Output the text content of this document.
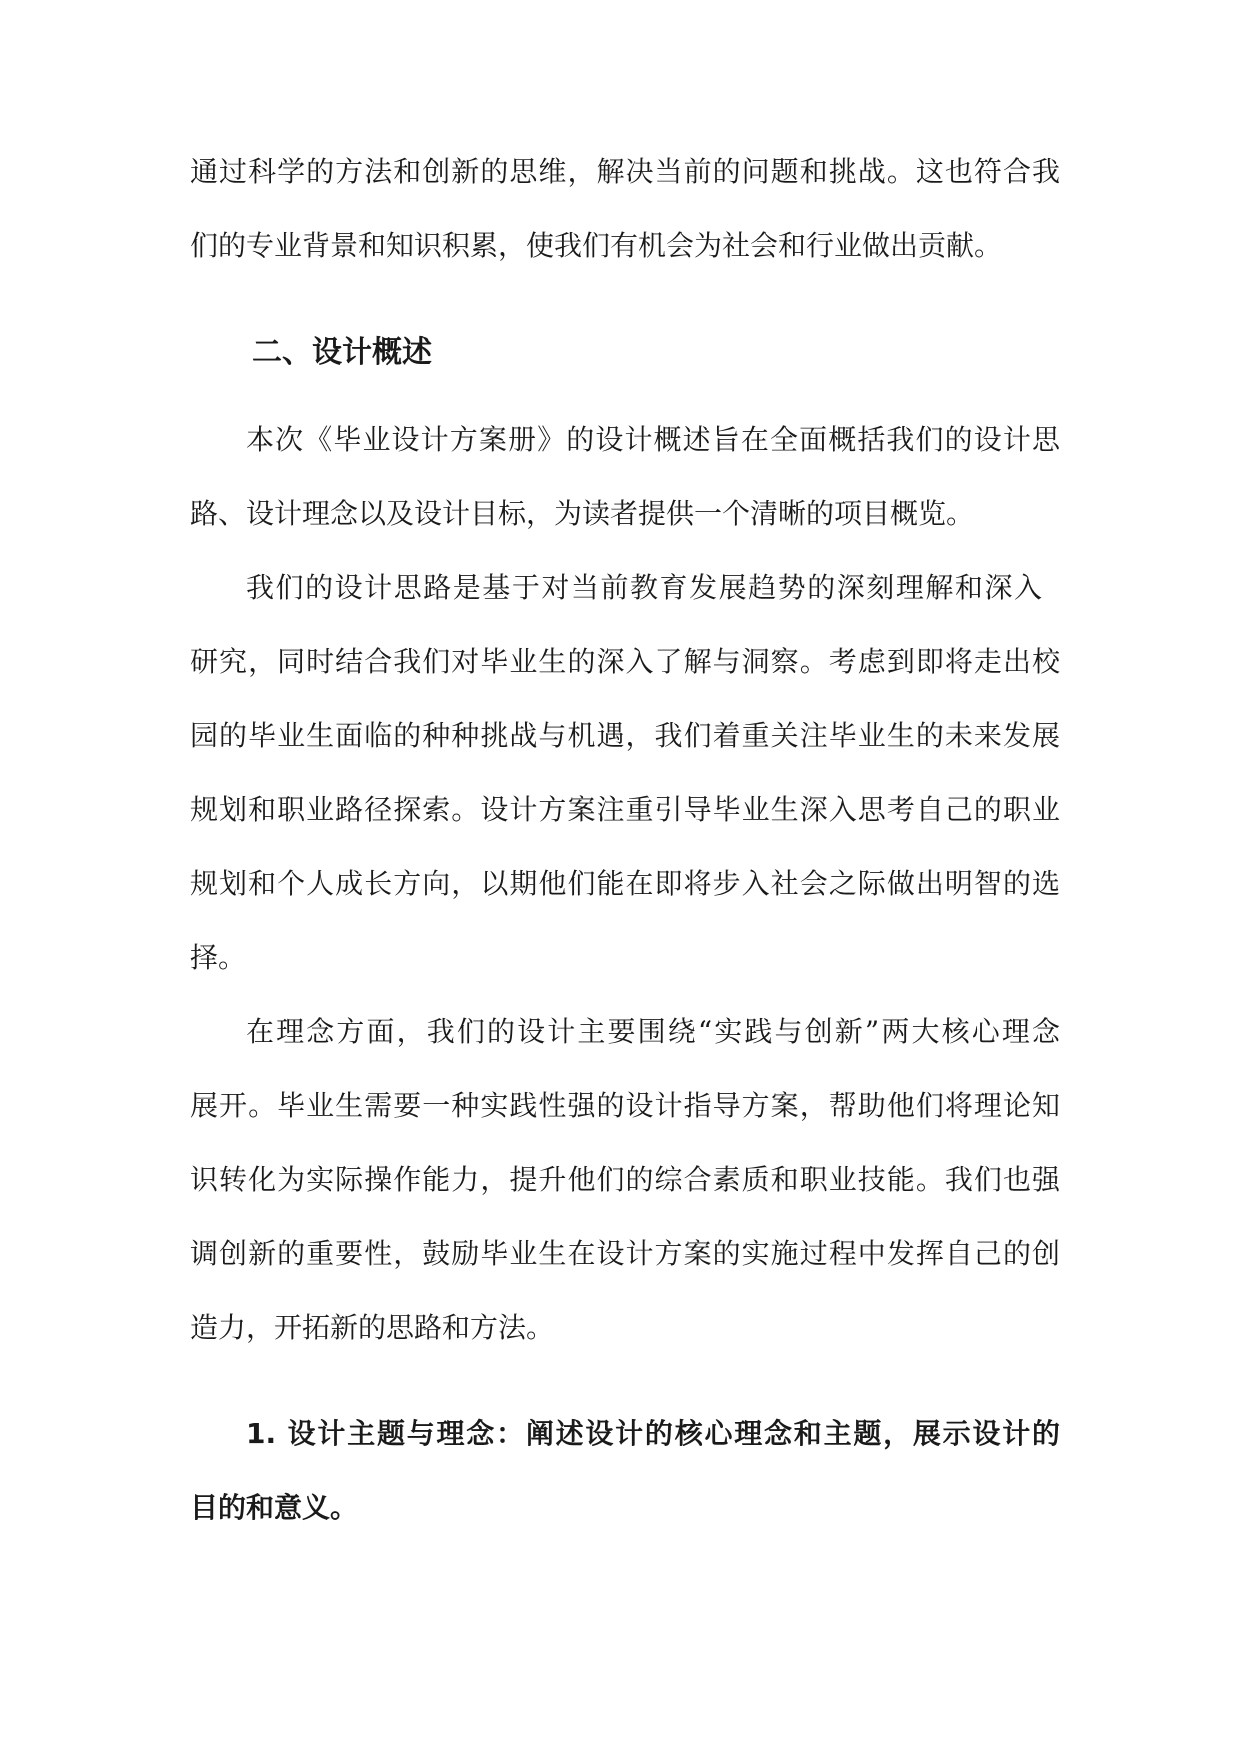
通过科学的方法和创新的思维，解决当前的问题和挑战。这也符合我
们的专业背景和知识积累，使我们有机会为社会和行业做出贡献。
二、设计概述
本次《毕业设计方案册》的设计概述旨在全面概括我们的设计思
路、设计理念以及设计目标，为读者提供一个清晰的项目概览。
我们的设计思路是基于对当前教育发展趋势的深刻理解和深入
研究，同时结合我们对毕业生的深入了解与洞察。考虑到即将走出校
园的毕业生面临的种种挑战与机遇，我们着重关注毕业生的未来发展
规划和职业路径探索。设计方案注重引导毕业生深入思考自己的职业
规划和个人成长方向，以期他们能在即将步入社会之际做出明智的选
择。
在理念方面，我们的设计主要围绕“实践与创新”两大核心理念
展开。毕业生需要一种实践性强的设计指导方案，帮助他们将理论知
识转化为实际操作能力，提升他们的综合素质和职业技能。我们也强
调创新的重要性，鼓励毕业生在设计方案的实施过程中发挥自己的创
造力，开拓新的思路和方法。
1. 设计主题与理念：阐述设计的核心理念和主题，展示设计的
目的和意义。
